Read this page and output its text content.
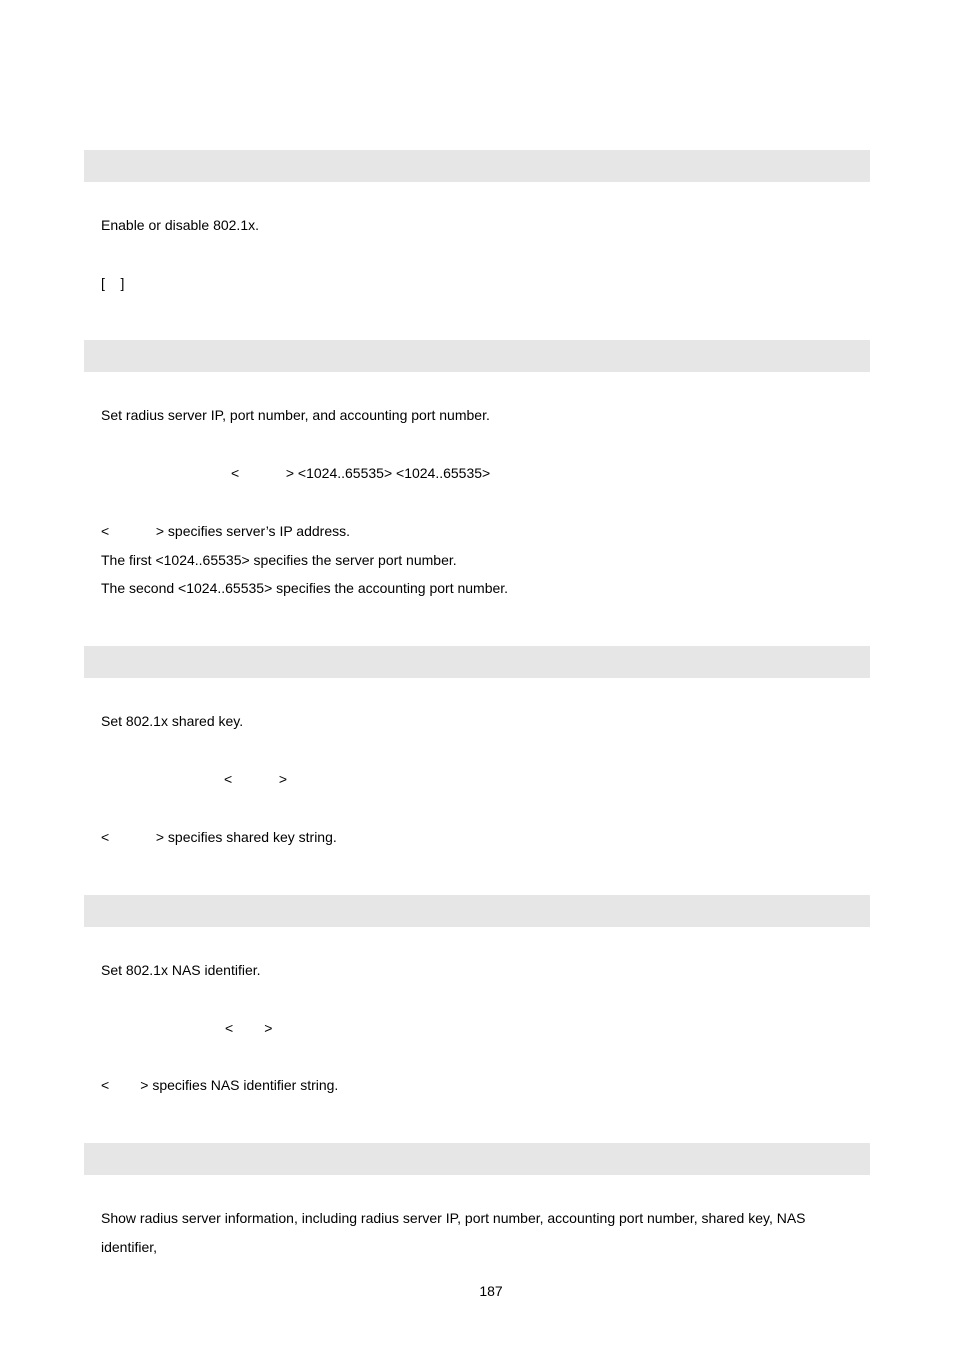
Enable or disable 802.1x.
[    ]
Set radius server IP, port number, and accounting port number.
<            > <1024..65535> <1024..65535>
<            > specifies server’s IP address.
The first <1024..65535> specifies the server port number.
The second <1024..65535> specifies the accounting port number.
Set 802.1x shared key.
<            >
<            > specifies shared key string.
Set 802.1x NAS identifier.
<        >
<        > specifies NAS identifier string.
Show radius server information, including radius server IP, port number, accounting port number, shared key, NAS
identifier,
187
